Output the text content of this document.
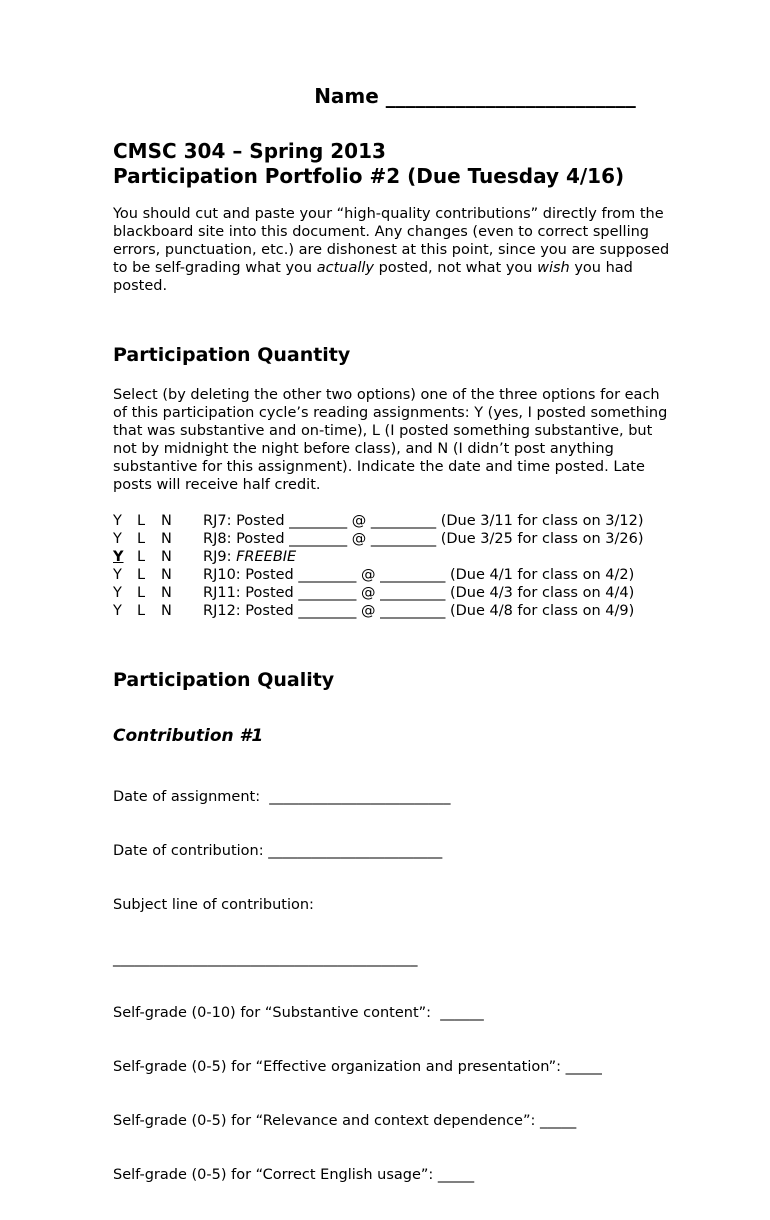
Name _________________________
CMSC 304 – Spring 2013
Participation Portfolio #2 (Due Tuesday 4/16)
You should cut and paste your “high-quality contributions” directly from the blackboard site into this document. Any changes (even to correct spelling errors, punctuation, etc.) are dishonest at this point, since you are supposed to be self-grading what you actually posted, not what you wish you had posted.
Participation Quantity
Select (by deleting the other two options) one of the three options for each of this participation cycle’s reading assignments: Y (yes, I posted something that was substantive and on-time), L (I posted something substantive, but not by midnight the night before class), and N (I didn’t post anything substantive for this assignment). Indicate the date and time posted. Late posts will receive half credit.
Y	L	N	RJ7: Posted ________ @ _________ (Due 3/11 for class on 3/12)
Y	L	N	RJ8: Posted ________ @ _________ (Due 3/25 for class on 3/26)
Y L	N	RJ9: FREEBIE
Y	L	N	RJ10: Posted ________ @ _________ (Due 4/1 for class on 4/2)
Y	L	N	RJ11: Posted ________ @ _________ (Due 4/3 for class on 4/4)
Y	L	N	RJ12: Posted ________ @ _________ (Due 4/8 for class on 4/9)
Participation Quality
Contribution #1

Date of assignment:  _________________________

Date of contribution: ________________________

Subject line of contribution:

__________________________________________

Self-grade (0-10) for “Substantive content”:  ______

Self-grade (0-5) for “Effective organization and presentation”: _____

Self-grade (0-5) for “Relevance and context dependence”: _____

Self-grade (0-5) for “Correct English usage”: _____
